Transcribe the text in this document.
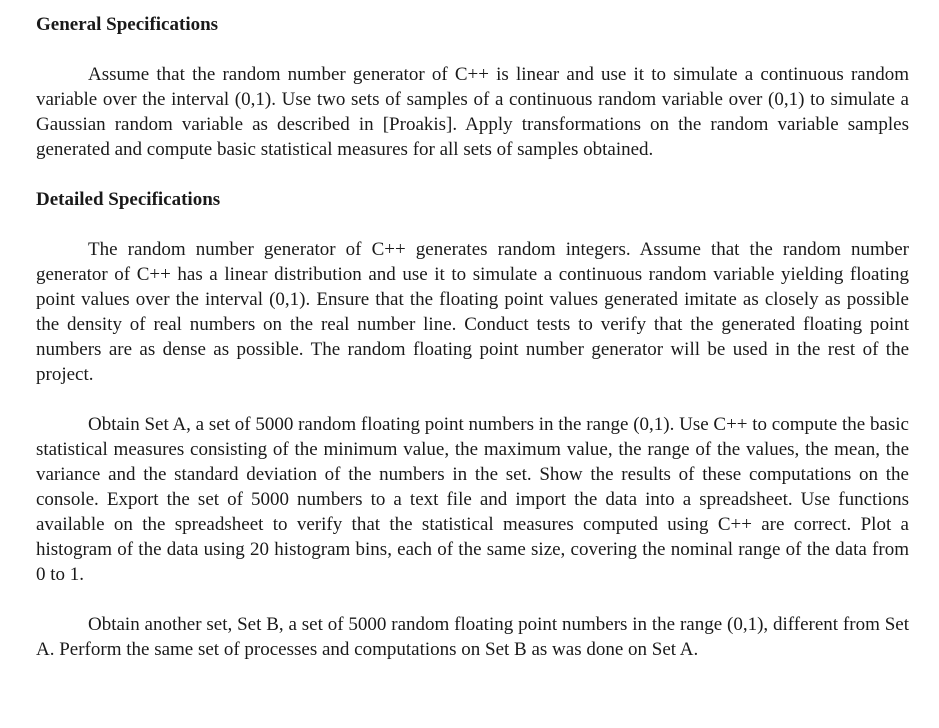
General Specifications

Assume that the random number generator of C++ is linear and use it to simulate a continuous random variable over the interval (0,1). Use two sets of samples of a continuous random variable over (0,1) to simulate a Gaussian random variable as described in [Proakis]. Apply transformations on the random variable samples generated and compute basic statistical measures for all sets of samples obtained.

Detailed Specifications

The random number generator of C++ generates random integers. Assume that the random number generator of C++ has a linear distribution and use it to simulate a continuous random variable yielding floating point values over the interval (0,1). Ensure that the floating point values generated imitate as closely as possible the density of real numbers on the real number line. Conduct tests to verify that the generated floating point numbers are as dense as possible. The random floating point number generator will be used in the rest of the project.

Obtain Set A, a set of 5000 random floating point numbers in the range (0,1). Use C++ to compute the basic statistical measures consisting of the minimum value, the maximum value, the range of the values, the mean, the variance and the standard deviation of the numbers in the set. Show the results of these computations on the console. Export the set of 5000 numbers to a text file and import the data into a spreadsheet. Use functions available on the spreadsheet to verify that the statistical measures computed using C++ are correct. Plot a histogram of the data using 20 histogram bins, each of the same size, covering the nominal range of the data from 0 to 1.

Obtain another set, Set B, a set of 5000 random floating point numbers in the range (0,1), different from Set A. Perform the same set of processes and computations on Set B as was done on Set A.
